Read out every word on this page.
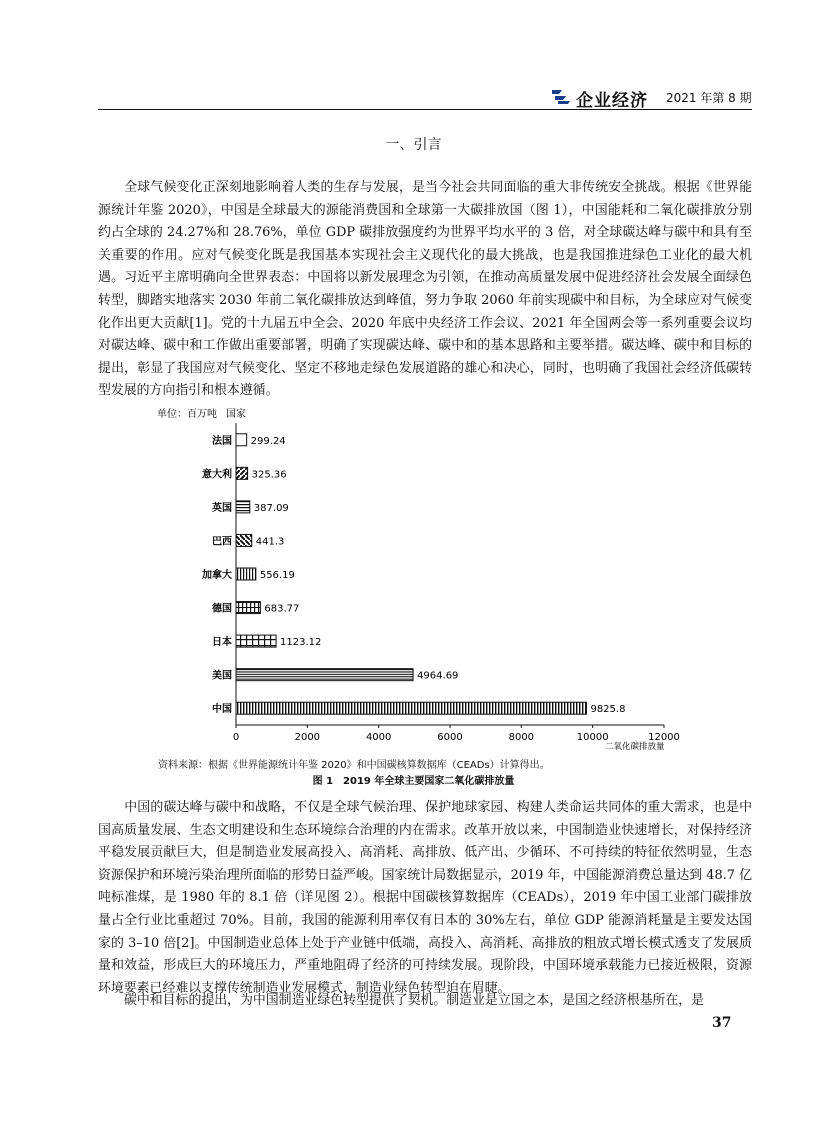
企业经济 2021 年第 8 期
一、引言
全球气候变化正深刻地影响着人类的生存与发展，是当今社会共同面临的重大非传统安全挑战。根据《世界能源统计年鉴 2020》，中国是全球最大的源能消费国和全球第一大碳排放国（图 1），中国能耗和二氧化碳排放分别约占全球的 24.27%和 28.76%，单位 GDP 碳排放强度约为世界平均水平的 3 倍，对全球碳达峰与碳中和具有至关重要的作用。应对气候变化既是我国基本实现社会主义现代化的最大挑战，也是我国推进绿色工业化的最大机遇。习近平主席明确向全世界表态：中国将以新发展理念为引领，在推动高质量发展中促进经济社会发展全面绿色转型，脚踏实地落实 2030 年前二氧化碳排放达到峰值，努力争取 2060 年前实现碳中和目标，为全球应对气候变化作出更大贡献[1]。党的十九届五中全会、2020 年底中央经济工作会议、2021 年全国两会等一系列重要会议均对碳达峰、碳中和工作做出重要部署，明确了实现碳达峰、碳中和的基本思路和主要举措。碳达峰、碳中和目标的提出，彰显了我国应对气候变化、坚定不移地走绿色发展道路的雄心和决心，同时，也明确了我国社会经济低碳转型发展的方向指引和根本遵循。
单位：百万吨 国家
法国 299.24
意大利 325.36
英国 387.09
巴西 441.3
加拿大	556.19
德国	683.77
日本	1123.12
美国	4964.69
中国	9825.8
0	2000	4000	6000	8000	10000	12000
二氧化碳排放量
资料来源：根据《世界能源统计年鉴 2020》和中国碳核算数据库（CEADs）计算得出。
图 1　2019 年全球主要国家二氧化碳排放量
中国的碳达峰与碳中和战略，不仅是全球气候治理、保护地球家园、构建人类命运共同体的重大需求，也是中国高质量发展、生态文明建设和生态环境综合治理的内在需求。改革开放以来，中国制造业快速增长，对保持经济平稳发展贡献巨大，但是制造业发展高投入、高消耗、高排放、低产出、少循环、不可持续的特征依然明显，生态资源保护和环境污染治理所面临的形势日益严峻。国家统计局数据显示，2019 年，中国能源消费总量达到 48.7 亿吨标准煤，是 1980 年的 8.1 倍（详见图 2）。根据中国碳核算数据库（CEADs），2019 年中国工业部门碳排放量占全行业比重超过 70%。目前，我国的能源利用率仅有日本的 30%左右，单位 GDP 能源消耗量是主要发达国家的 3–10 倍[2]。中国制造业总体上处于产业链中低端，高投入、高消耗、高排放的粗放式增长模式透支了发展质量和效益，形成巨大的环境压力，严重地阻碍了经济的可持续发展。现阶段，中国环境承载能力已接近极限，资源环境要素已经难以支撑传统制造业发展模式，制造业绿色转型迫在眉睫。
碳中和目标的提出，为中国制造业绿色转型提供了契机。制造业是立国之本，是国之经济根基所在，是
37
